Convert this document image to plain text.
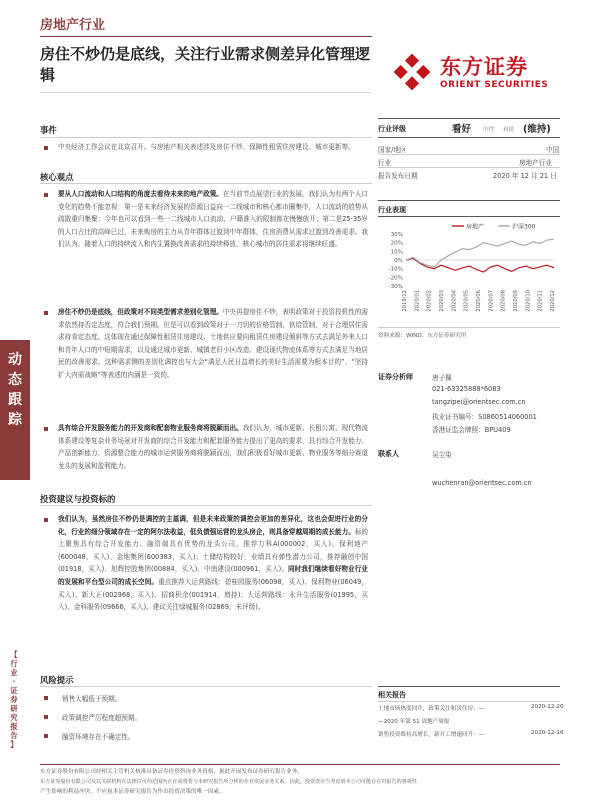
房地产行业
房住不炒仍是底线，关注行业需求侧差异化管理逻辑	东方证券
ORIENT SECURITIES
动
态
跟
踪
【
行
业
·
证
券
研
究
报
告
】
事件
中央经济工作会议在北京召开。与房地产相关表述涉及房住不炒、保障性租赁住房建设、城市更新等。
核心观点
要从人口流动和人口结构的角度去看待未来的地产政策。在当前节点展望行业的发展，我们认为有两个人口变化的趋势不能忽视：第一是未来经济发展的资源日益向一二线城市和核心都市圈集中，人口流动的趋势从疏散重归集聚；今年也可以看到一些一二线城市人口流动、户籍准入的限制都在慢慢放开；第二是25-35岁的人口占比的高峰已过，未来购房的主力从青年群体过渡到中年群体，住房消费从需求过渡到改善需求。我们认为，随着人口的持续流入和内生置换改善需求的持续释放，核心城市的居住需求将继续旺盛。
房住不炒仍是底线，但政策对不同类型需求差别化管理。中央再提房住不炒，表明政策对于投资投机性的需求依然持否定态度，符合我们预期。但是可以看到政策对于一刀切的价格管制、供给管制，对于合理居住需求持肯定态度。这体现在通过保障性租赁住房建设、土地供应要向租赁住房建设倾斜等方式去满足外来人口和青年人口的中短期需求，以及通过城市更新、城镇老旧小区改造、建设现代物流体系等方式去满足当地居民的改善需求。这种需求侧的差别化调控也与大会“满足人民日益增长的美好生活需要为根本目的”、“坚持扩大内需战略”等表述的内涵是一致的。
具有综合开发服务能力的开发商和配套物业服务商将脱颖而出。我们认为，城市更新、长租公寓、现代物流体系建设等复杂业务场景对开发商的综合开发能力和配套服务能力提出了更高的要求，具有综合开发能力、产品创新能力、资源整合能力的城市运营服务商将脱颖而出，我们积极看好城市更新、物业服务等细分赛道龙头的发展和盈利能力。
投资建议与投资标的
我们认为，虽然房住不炒仍是调控的主基调，但是未来政策的调控会更加的差异化，这也会促进行业的分化，行业的细分领域存在一定的阿尔法收益，低负债强运营的龙头房企，则具备穿越周期的成长能力。标的上聚焦具有综合开发能力、融资端具有优势的龙头公司，推荐万科A(000002，买入)、保利地产(600048，买入)、金地集团(600383，买入)；土储结构较好，业绩具有弹性潜力公司，推荐融创中国(01918，买入)、旭辉控股集团(00884，买入)、中南建设(000961，买入)。同时我们继续看好物业行业的发展和平台型公司的成长空间。重点推荐大运营路线：碧桂园服务(06098，买入)、保利物业(06049，买入)、新大正(002968，买入)、招商积余(001914，增持)；大运营路线：永升生活服务(01995，买入)、金科服务(09666，买入)。建议关注绿城服务(02869，未评级)。
风险提示
销售大幅低于预期。
政策调控严厉程度超预期。
融资环境存在不确定性。
行业评级	看好 中性 看淡 (维持)
国家/地区	中国
行业	房地产行业
报告发布日期	2020 年 12 月 21 日
行业表现
房地产	沪深300
30%
20%
10%
0%
-10%
-20%
-30%
2019/12 2020/01 2020/02 2020/03 2020/04 2020/05 2020/06 2020/07 2020/08 2020/09 2020/10 2020/11 2020/12
资料来源：WIND、东方证券研究所
证券分析师	唐子佩
021-63325888*6083
tangzipei@orientsec.com.cn
执业证书编号：S0860514060001
香港证监会牌照：BPU409
联系人	吴尘染
wuchenran@orientsec.com.cn
相关报告
土地市场热度回升，政策关注租赁住房：—	2020-12-20
—2020 年第 51 周地产周报
销售投资维持高增长，新开工增速回升：—	2020-12-16
东方证券股份有限公司经相关主管机关核准具备证券投资咨询业务资格，据此开展发布证券研究报告业务。
东方证券股份有限公司及其关联机构在法律许可的范围内正在或将要与本研究报告所分析的企业发展业务关系。因此，投资者应当考虑到本公司可能存在对报告的客观性
产生影响的利益冲突，不应视本证券研究报告为作出投资决策的唯一因素。
